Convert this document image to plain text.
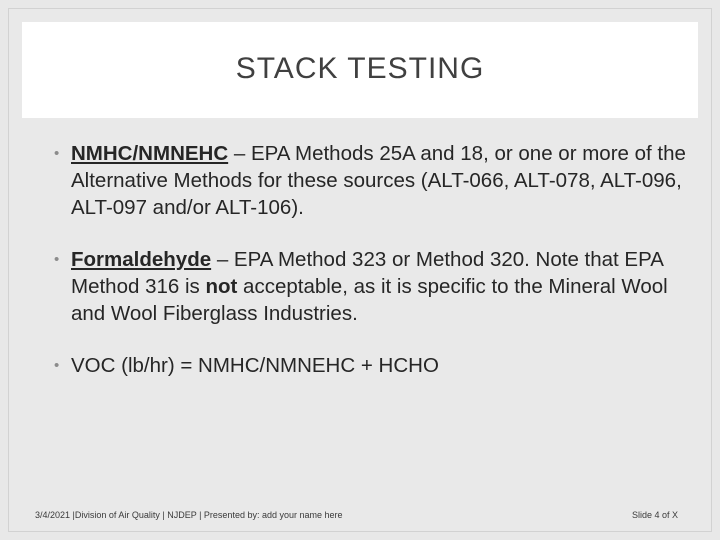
STACK TESTING
• NMHC/NMNEHC – EPA Methods 25A and 18, or one or more of the Alternative Methods for these sources (ALT-066, ALT-078, ALT-096, ALT-097 and/or ALT-106).
• Formaldehyde – EPA Method 323 or Method 320. Note that EPA Method 316 is not acceptable, as it is specific to the Mineral Wool and Wool Fiberglass Industries.
• VOC (lb/hr) = NMHC/NMNEHC + HCHO
3/4/2021 |Division of Air Quality | NJDEP | Presented by: add your name here	Slide 4 of X
